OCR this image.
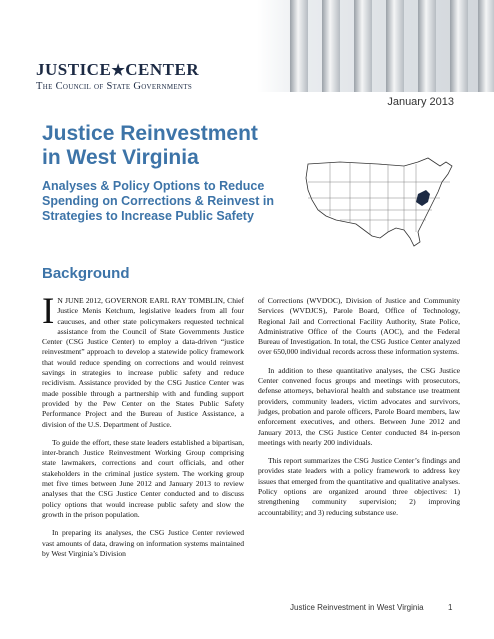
JUSTICE★CENTER
The Council of State Governments
January 2013
Justice Reinvestment
in West Virginia
Analyses & Policy Options to Reduce Spending on Corrections & Reinvest in Strategies to Increase Public Safety
Background

I N JUNE 2012, GOVERNOR EARL RAY TOMBLIN, Chief Justice Menis Ketchum, legislative leaders from all four caucuses, and other state policymakers requested technical assistance from the Council of State Governments Justice Center (CSG Justice Center) to employ a data-driven “justice reinvestment” approach to develop a statewide policy framework that would reduce spending on corrections and would reinvest savings in strategies to increase public safety and reduce recidivism. Assistance provided by the CSG Justice Center was made possible through a partnership with and funding support provided by the Pew Center on the States Public Safety Performance Project and the Bureau of Justice Assistance, a division of the U.S. Department of Justice.

To guide the effort, these state leaders established a bipartisan, inter-branch Justice Reinvestment Working Group comprising state lawmakers, corrections and court officials, and other stakeholders in the criminal justice system. The working group met five times between June 2012 and January 2013 to review analyses that the CSG Justice Center conducted and to discuss policy options that would increase public safety and slow the growth in the prison population.

In preparing its analyses, the CSG Justice Center reviewed vast amounts of data, drawing on information systems maintained by West Virginia’s Division

of Corrections (WVDOC), Division of Justice and Community Services (WVDJCS), Parole Board, Office of Technology, Regional Jail and Correctional Facility Authority, State Police, Administrative Office of the Courts (AOC), and the Federal Bureau of Investigation. In total, the CSG Justice Center analyzed over 650,000 individual records across these information systems.

In addition to these quantitative analyses, the CSG Justice Center convened focus groups and meetings with prosecutors, defense attorneys, behavioral health and substance use treatment providers, community leaders, victim advocates and survivors, judges, probation and parole officers, Parole Board members, law enforcement executives, and others. Between June 2012 and January 2013, the CSG Justice Center conducted 84 in-person meetings with nearly 200 individuals.

This report summarizes the CSG Justice Center’s findings and provides state leaders with a policy framework to address key issues that emerged from the quantitative and qualitative analyses. Policy options are organized around three objectives: 1) strengthening community supervision; 2) improving accountability; and 3) reducing substance use.

Justice Reinvestment in West Virginia	1
